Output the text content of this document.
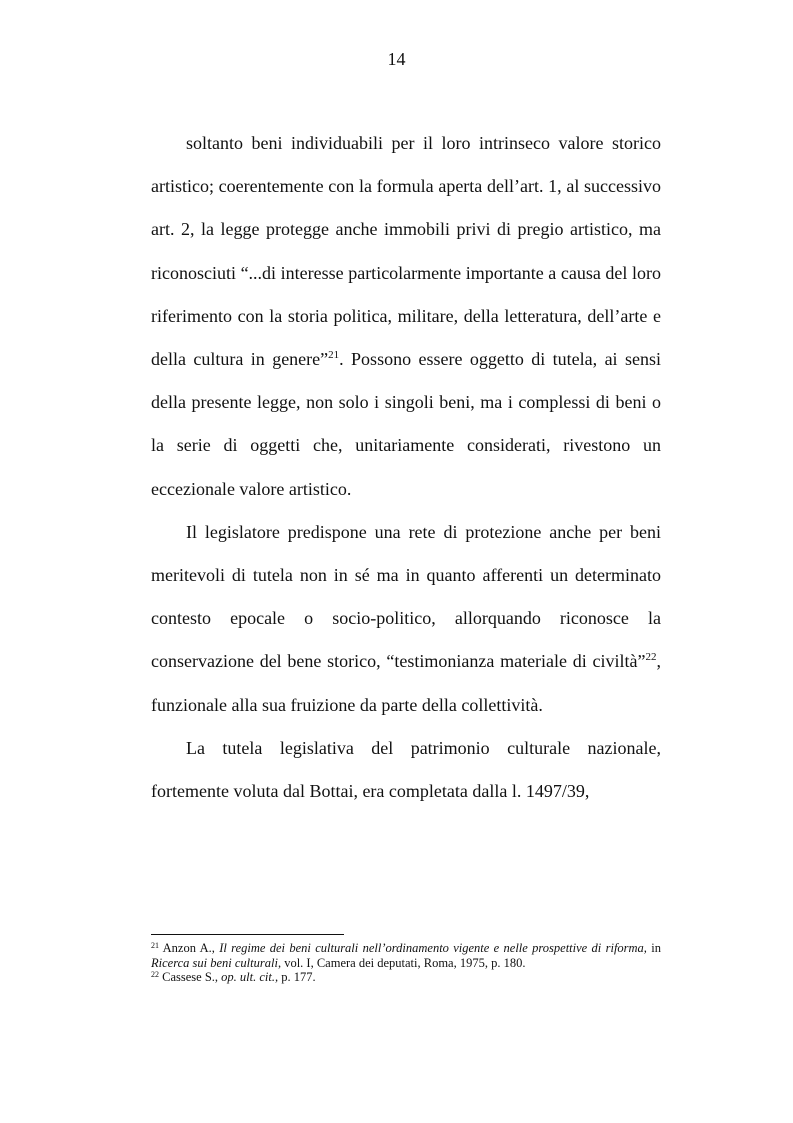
14

soltanto beni individuabili per il loro intrinseco valore storico artistico; coerentemente con la formula aperta dell’art. 1, al successivo art. 2, la legge protegge anche immobili privi di pregio artistico, ma riconosciuti “...di interesse particolarmente importante a causa del loro riferimento con la storia politica, militare, della letteratura, dell’arte e della cultura in genere”$^{21}$. Possono essere oggetto di tutela, ai sensi della presente legge, non solo i singoli beni, ma i complessi di beni o la serie di oggetti che, unitariamente considerati, rivestono un eccezionale valore artistico.

Il legislatore predispone una rete di protezione anche per beni meritevoli di tutela non in sé ma in quanto afferenti un determinato contesto epocale o socio-politico, allorquando riconosce la conservazione del bene storico, “testimonianza materiale di civiltà”$^{22}$, funzionale alla sua fruizione da parte della collettività.

La tutela legislativa del patrimonio culturale nazionale, fortemente voluta dal Bottai, era completata dalla l. 1497/39,

$^{21}$ Anzon A., Il regime dei beni culturali nell’ordinamento vigente e nelle prospettive di riforma, in Ricerca sui beni culturali, vol. I, Camera dei deputati, Roma, 1975, p. 180.

$^{22}$ Cassese S., op. ult. cit., p. 177.
